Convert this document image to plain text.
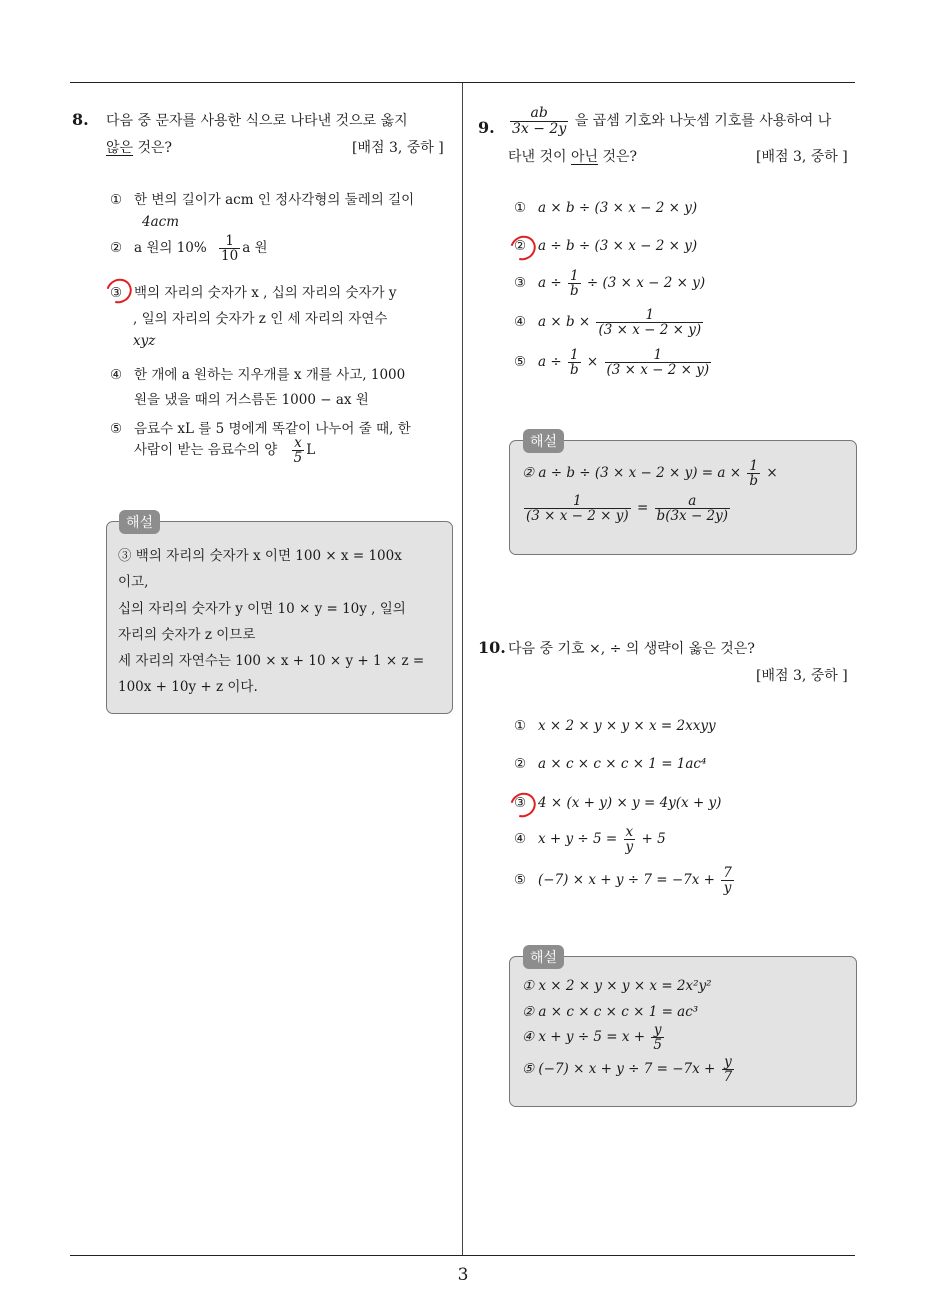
3
8. 다음 중 문자를 사용한 식으로 나타낸 것으로 옳지
않은 것은?	[배점 3, 중하 ]
① 한 변의 길이가 acm 인 정사각형의 둘레의 길이
4acm
② a 원의 $10\% \frac{1}{10}$ a 원
③ 백의 자리의 숫자가 x , 십의 자리의 숫자가 y
, 일의 자리의 숫자가 z 인 세 자리의 자연수
xyz
④ 한 개에 a 원하는 지우개를 x 개를 사고, 1000
원을 냈을 때의 거스름돈 1000 − ax 원
⑤ 음료수 xL 를 5 명에게 똑같이 나누어 줄 때, 한
사람이 받는 음료수의 양 $\frac{x}{5}$ L
해설
③ 백의 자리의 숫자가 x 이면 100 × x = 100x
이고,
십의 자리의 숫자가 y 이면 10 × y = 10y , 일의
자리의 숫자가 z 이므로
세 자리의 자연수는 100 × x + 10 × y + 1 × z =
100x + 10y + z 이다.
9. $\frac{ab}{3x - 2y}$ 을 곱셈 기호와 나눗셈 기호를 사용하여 나
타낸 것이 아닌 것은?	[배점 3, 중하 ]
① a × b ÷ (3 × x − 2 × y)
② a ÷ b ÷ (3 × x − 2 × y)
③ $a \div \frac{1}{b} \div (3 \times x - 2 \times y)$
④ $a \times b \times \frac{1}{(3 \times x - 2 \times y)}$
⑤ $a \div \frac{1}{b} \times \frac{1}{(3 \times x - 2 \times y)}$
해설
② $a \div b \div (3 \times x - 2 \times y) = a \times \frac{1}{b}$ ×
$\frac{1}{(3 \times x - 2 \times y)} = \frac{a}{b(3x - 2y)}$
10. 다음 중 기호 ×, ÷ 의 생략이 옳은 것은?
[배점 3, 중하 ]
① x × 2 × y × y × x = 2xxyy
② a × c × c × c × 1 = 1ac⁴
③ 4 × (x + y) × y = 4y(x + y)
④ $x + y \div 5 = \frac{x}{y} + 5$
⑤ $(-7) \times x + y \div 7 = -7x + \frac{7}{y}$
해설
① x × 2 × y × y × x = 2x²y²
② a × c × c × c × 1 = ac³
④ $x + y \div 5 = x + \frac{y}{5}$
⑤ $(-7) \times x + y \div 7 = -7x + \frac{y}{7}$
